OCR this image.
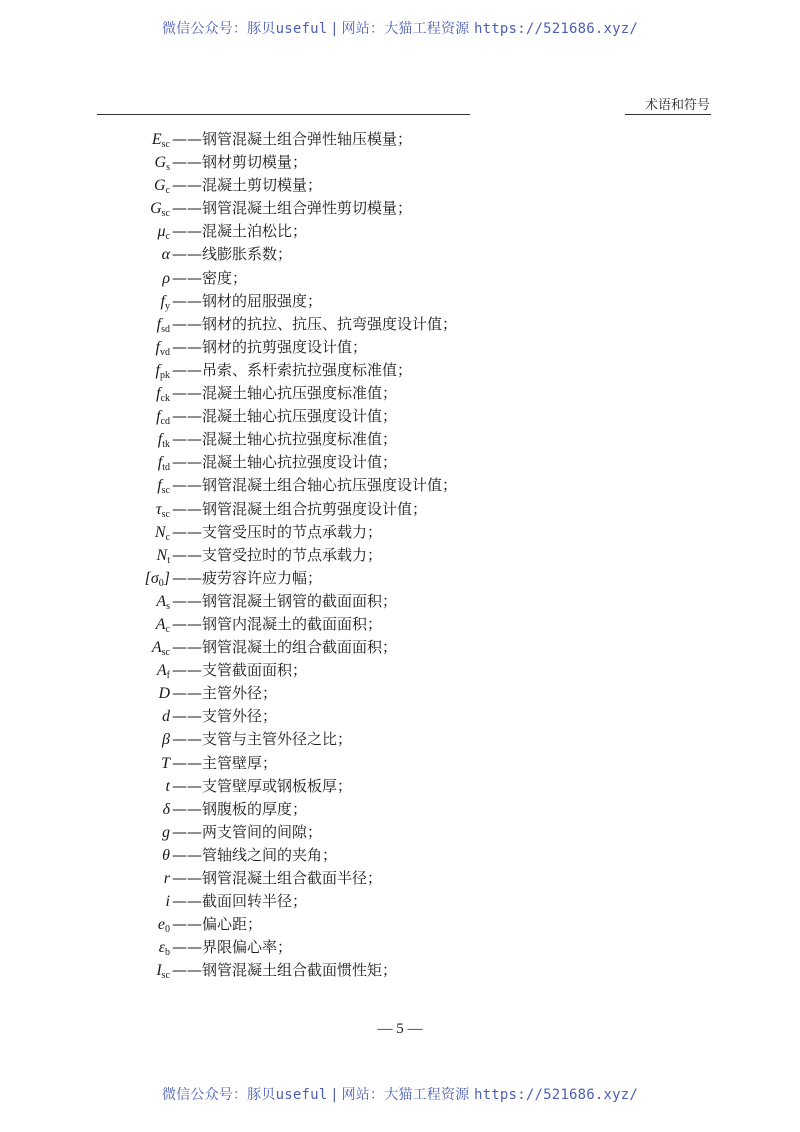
微信公众号：豚贝useful | 网站：大猫工程资源 https://521686.xyz/
术语和符号
$E_{sc}$ ——钢管混凝土组合弹性轴压模量；
$G_s$ ——钢材剪切模量；
$G_c$ ——混凝土剪切模量；
$G_{sc}$ ——钢管混凝土组合弹性剪切模量；
$\mu_c$ ——混凝土泊松比；
α ——线膨胀系数；
ρ ——密度；
$f_y$ ——钢材的屈服强度；
$f_{sd}$ ——钢材的抗拉、抗压、抗弯强度设计值；
$f_{vd}$ ——钢材的抗剪强度设计值；
$f_{pk}$ ——吊索、系杆索抗拉强度标准值；
$f_{ck}$ ——混凝土轴心抗压强度标准值；
$f_{cd}$ ——混凝土轴心抗压强度设计值；
$f_{tk}$ ——混凝土轴心抗拉强度标准值；
$f_{td}$ ——混凝土轴心抗拉强度设计值；
$f_{sc}$ ——钢管混凝土组合轴心抗压强度设计值；
$\tau_{sc}$ ——钢管混凝土组合抗剪强度设计值；
$N_c$ ——支管受压时的节点承载力；
$N_t$ ——支管受拉时的节点承载力；
$[\sigma_0]$ ——疲劳容许应力幅；
$A_s$ ——钢管混凝土钢管的截面面积；
$A_c$ ——钢管内混凝土的截面面积；
$A_{sc}$ ——钢管混凝土的组合截面面积；
$A_f$ ——支管截面面积；
D ——主管外径；
d ——支管外径；
β ——支管与主管外径之比；
T ——主管壁厚；
t ——支管壁厚或钢板板厚；
δ ——钢腹板的厚度；
g ——两支管间的间隙；
θ ——管轴线之间的夹角；
r ——钢管混凝土组合截面半径；
i ——截面回转半径；
$e_0$ ——偏心距；
$\varepsilon_b$ ——界限偏心率；
$I_{sc}$ ——钢管混凝土组合截面惯性矩；
— 5 —
微信公众号：豚贝useful | 网站：大猫工程资源 https://521686.xyz/
